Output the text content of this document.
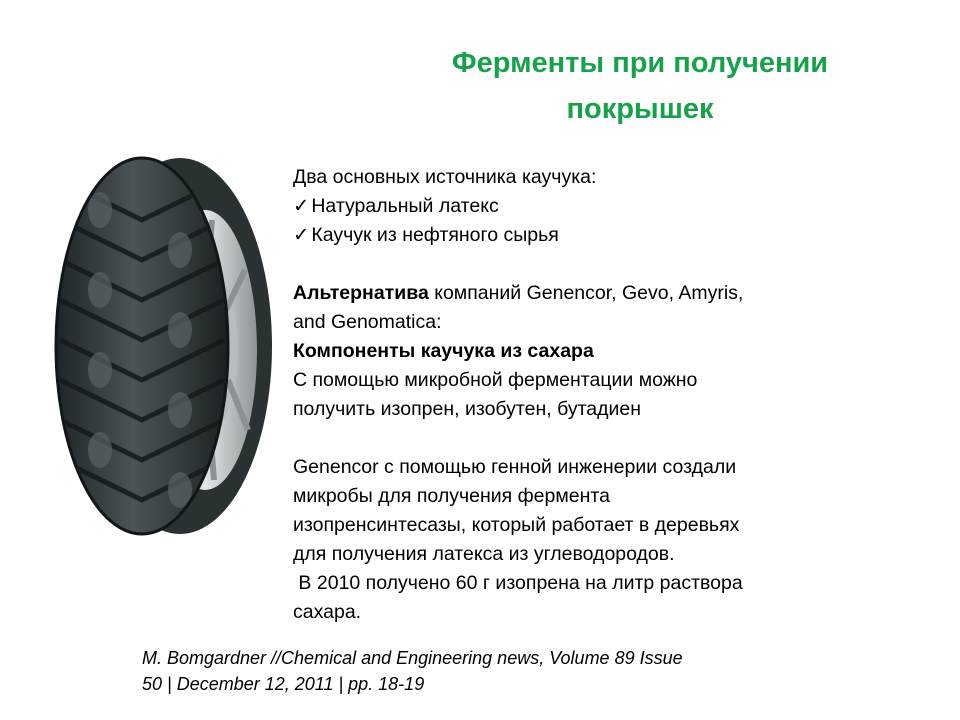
Ферменты при получении
покрышек

Два основных источника каучука:

✓ Натуральный латекс

✓ Каучук из нефтяного сырья

Альтернатива компаний Genencor, Gevo, Amyris,

and Genomatica:

Компоненты каучука из сахара

С помощью микробной ферментации можно

получить изопрен, изобутен, бутадиен

Genencor с помощью генной инженерии создали

микробы для получения фермента

изопренсинтесазы, который работает в деревьях

для получения латекса из углеводородов.

В 2010 получено 60 г изопрена на литр раствора

сахара.

M. Bomgardner //Chemical and Engineering news, Volume 89 Issue

50 | December 12, 2011 | pp. 18-19
